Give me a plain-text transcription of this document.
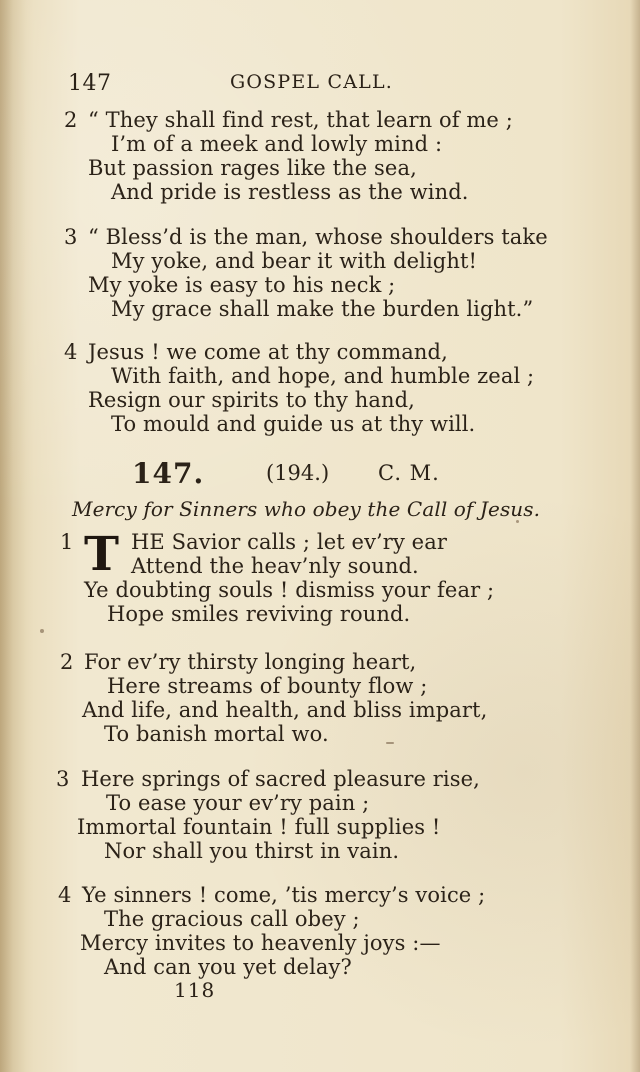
147	GOSPEL CALL.
2 “ They shall find rest, that learn of me ;
I’m of a meek and lowly mind :
But passion rages like the sea,
And pride is restless as the wind.
3 “ Bless’d is the man, whose shoulders take
My yoke, and bear it with delight!
My yoke is easy to his neck ;
My grace shall make the burden light.”
4 Jesus ! we come at thy command,
With faith, and hope, and humble zeal ;
Resign our spirits to thy hand,
To mould and guide us at thy will.
147.	(194.) C. M.
Mercy for Sinners who obey the Call of Jesus.
1 T HE Savior calls ; let ev’ry ear
Attend the heav’nly sound.
Ye doubting souls ! dismiss your fear ;
Hope smiles reviving round.
2 For ev’ry thirsty longing heart,
Here streams of bounty flow ;
And life, and health, and bliss impart,
To banish mortal wo.
3 Here springs of sacred pleasure rise,
To ease your ev’ry pain ;
Immortal fountain ! full supplies !
Nor shall you thirst in vain.
4 Ye sinners ! come, ’tis mercy’s voice ;
The gracious call obey ;
Mercy invites to heavenly joys :—
And can you yet delay?
118
